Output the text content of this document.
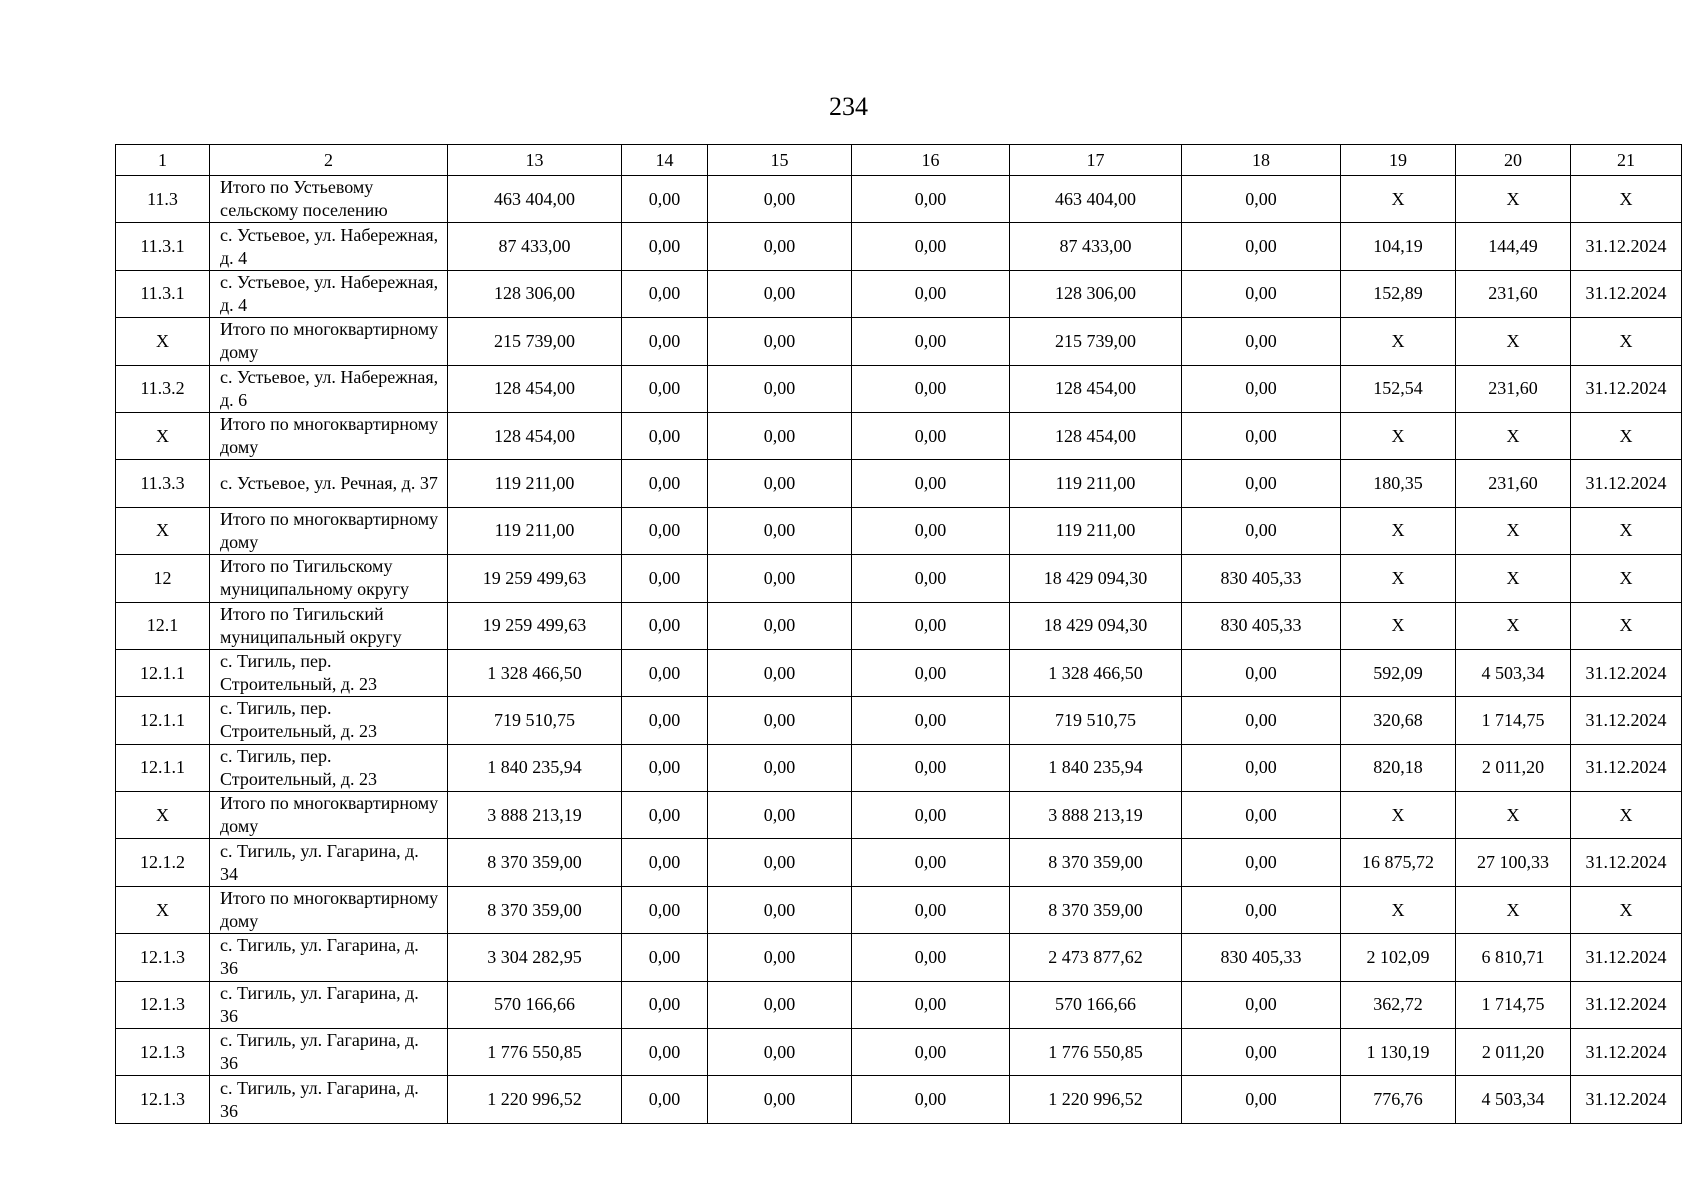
234
1	2	13	14	15	16	17	18	19	20	21
11.3	Итого по Устьевому сельскому поселению	463 404,00	0,00	0,00	0,00	463 404,00	0,00	X	X	X
11.3.1	с. Устьевое, ул. Набережная, д. 4	87 433,00	0,00	0,00	0,00	87 433,00	0,00	104,19	144,49	31.12.2024
11.3.1	с. Устьевое, ул. Набережная, д. 4	128 306,00	0,00	0,00	0,00	128 306,00	0,00	152,89	231,60	31.12.2024
X	Итого по многоквартирному дому	215 739,00	0,00	0,00	0,00	215 739,00	0,00	X	X	X
11.3.2	с. Устьевое, ул. Набережная, д. 6	128 454,00	0,00	0,00	0,00	128 454,00	0,00	152,54	231,60	31.12.2024
X	Итого по многоквартирному дому	128 454,00	0,00	0,00	0,00	128 454,00	0,00	X	X	X
11.3.3	с. Устьевое, ул. Речная, д. 37	119 211,00	0,00	0,00	0,00	119 211,00	0,00	180,35	231,60	31.12.2024
X	Итого по многоквартирному дому	119 211,00	0,00	0,00	0,00	119 211,00	0,00	X	X	X
12	Итого по Тигильскому муниципальному округу	19 259 499,63	0,00	0,00	0,00	18 429 094,30	830 405,33	X	X	X
12.1	Итого по Тигильский муниципальный округу	19 259 499,63	0,00	0,00	0,00	18 429 094,30	830 405,33	X	X	X
12.1.1	с. Тигиль, пер. Строительный, д. 23	1 328 466,50	0,00	0,00	0,00	1 328 466,50	0,00	592,09	4 503,34	31.12.2024
12.1.1	с. Тигиль, пер. Строительный, д. 23	719 510,75	0,00	0,00	0,00	719 510,75	0,00	320,68	1 714,75	31.12.2024
12.1.1	с. Тигиль, пер. Строительный, д. 23	1 840 235,94	0,00	0,00	0,00	1 840 235,94	0,00	820,18	2 011,20	31.12.2024
X	Итого по многоквартирному дому	3 888 213,19	0,00	0,00	0,00	3 888 213,19	0,00	X	X	X
12.1.2	с. Тигиль, ул. Гагарина, д. 34	8 370 359,00	0,00	0,00	0,00	8 370 359,00	0,00	16 875,72	27 100,33	31.12.2024
X	Итого по многоквартирному дому	8 370 359,00	0,00	0,00	0,00	8 370 359,00	0,00	X	X	X
12.1.3	с. Тигиль, ул. Гагарина, д. 36	3 304 282,95	0,00	0,00	0,00	2 473 877,62	830 405,33	2 102,09	6 810,71	31.12.2024
12.1.3	с. Тигиль, ул. Гагарина, д. 36	570 166,66	0,00	0,00	0,00	570 166,66	0,00	362,72	1 714,75	31.12.2024
12.1.3	с. Тигиль, ул. Гагарина, д. 36	1 776 550,85	0,00	0,00	0,00	1 776 550,85	0,00	1 130,19	2 011,20	31.12.2024
12.1.3	с. Тигиль, ул. Гагарина, д. 36	1 220 996,52	0,00	0,00	0,00	1 220 996,52	0,00	776,76	4 503,34	31.12.2024
